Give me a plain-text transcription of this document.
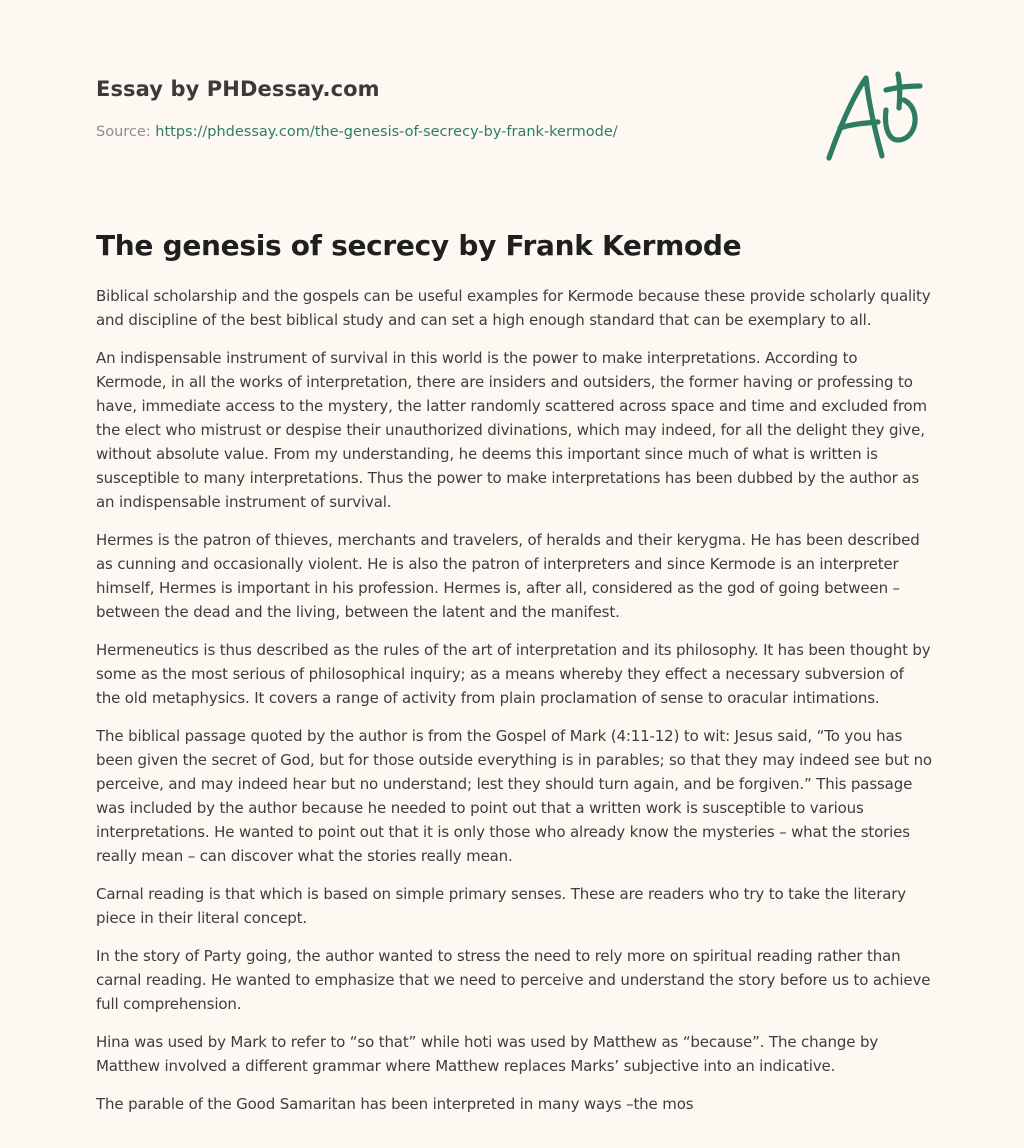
Essay by PHDessay.com
Source: https://phdessay.com/the-genesis-of-secrecy-by-frank-kermode/
The genesis of secrecy by Frank Kermode

Biblical scholarship and the gospels can be useful examples for Kermode because these provide scholarly quality and discipline of the best biblical study and can set a high enough standard that can be exemplary to all.

An indispensable instrument of survival in this world is the power to make interpretations. According to Kermode, in all the works of interpretation, there are insiders and outsiders, the former having or professing to have, immediate access to the mystery, the latter randomly scattered across space and time and excluded from the elect who mistrust or despise their unauthorized divinations, which may indeed, for all the delight they give, without absolute value. From my understanding, he deems this important since much of what is written is susceptible to many interpretations. Thus the power to make interpretations has been dubbed by the author as an indispensable instrument of survival.

Hermes is the patron of thieves, merchants and travelers, of heralds and their kerygma. He has been described as cunning and occasionally violent. He is also the patron of interpreters and since Kermode is an interpreter himself, Hermes is important in his profession. Hermes is, after all, considered as the god of going between – between the dead and the living, between the latent and the manifest.

Hermeneutics is thus described as the rules of the art of interpretation and its philosophy. It has been thought by some as the most serious of philosophical inquiry; as a means whereby they effect a necessary subversion of the old metaphysics. It covers a range of activity from plain proclamation of sense to oracular intimations.

The biblical passage quoted by the author is from the Gospel of Mark (4:11-12) to wit: Jesus said, “To you has been given the secret of God, but for those outside everything is in parables; so that they may indeed see but no perceive, and may indeed hear but no understand; lest they should turn again, and be forgiven.” This passage was included by the author because he needed to point out that a written work is susceptible to various interpretations. He wanted to point out that it is only those who already know the mysteries – what the stories really mean – can discover what the stories really mean.

Carnal reading is that which is based on simple primary senses. These are readers who try to take the literary piece in their literal concept.

In the story of Party going, the author wanted to stress the need to rely more on spiritual reading rather than carnal reading. He wanted to emphasize that we need to perceive and understand the story before us to achieve full comprehension.

Hina was used by Mark to refer to “so that” while hoti was used by Matthew as “because”. The change by Matthew involved a different grammar where Matthew replaces Marks’ subjective into an indicative.

The parable of the Good Samaritan has been interpreted in many ways –the mos
